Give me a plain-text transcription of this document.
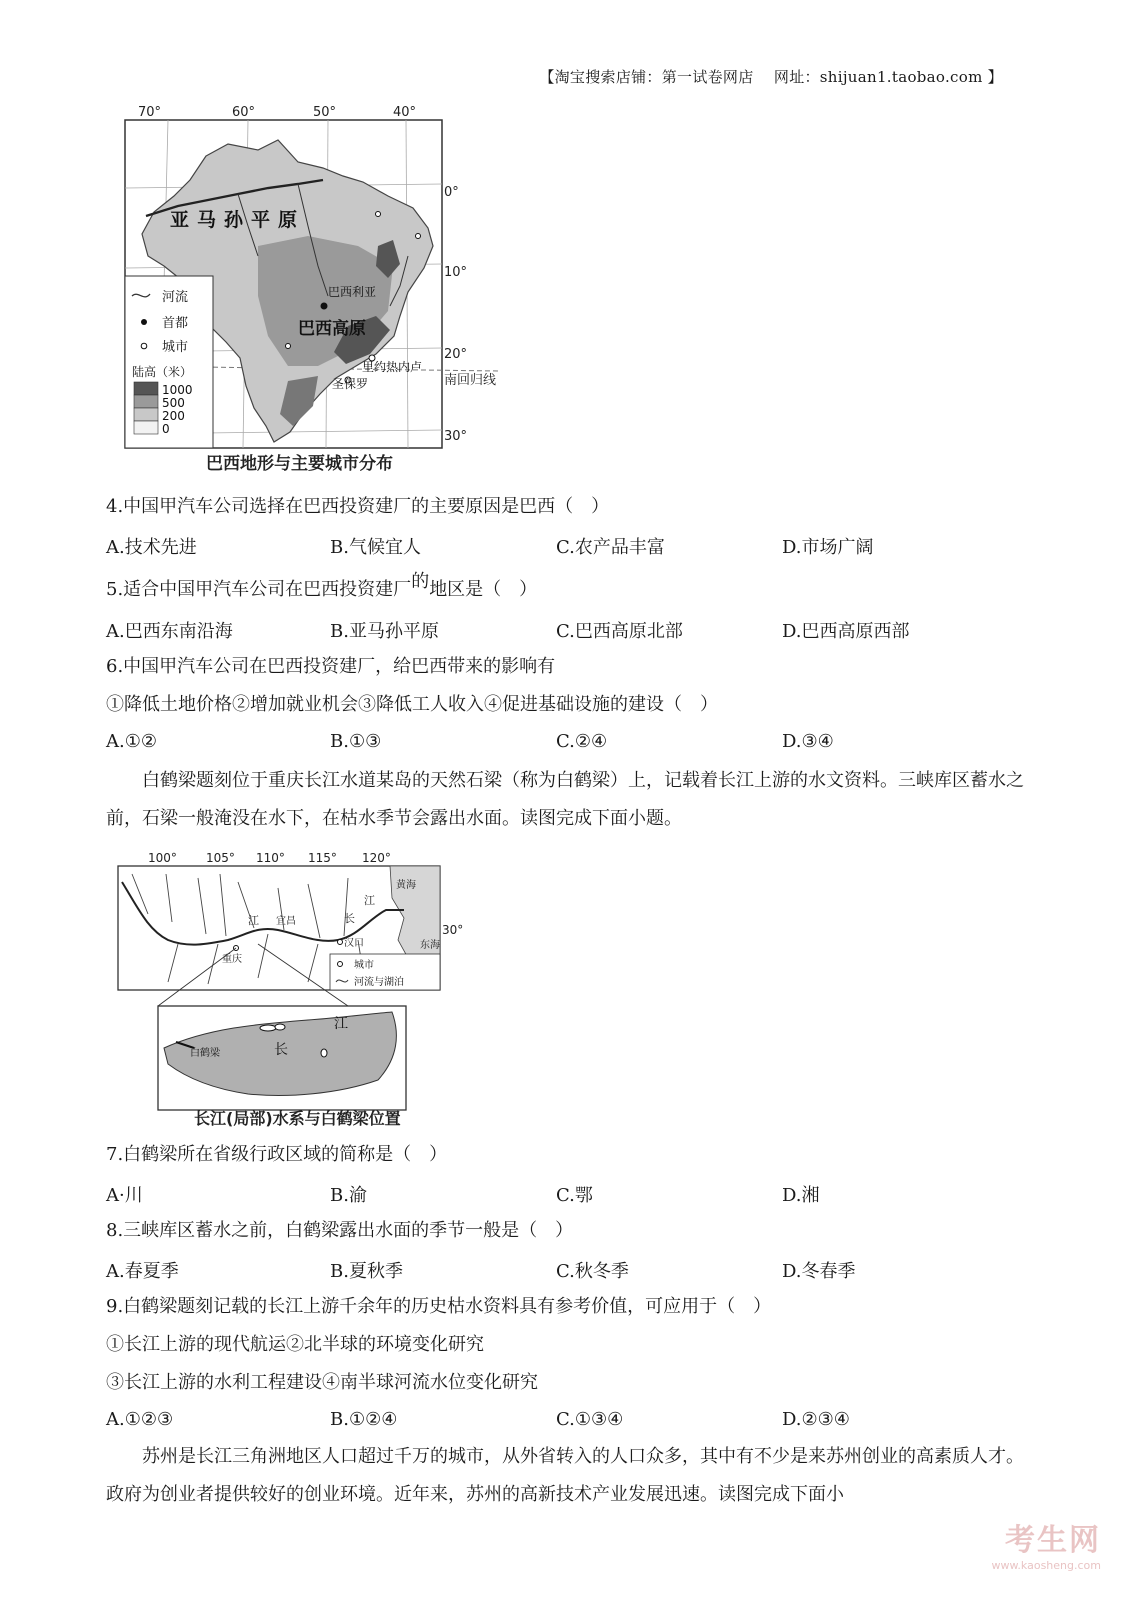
【淘宝搜索店铺：第一试卷网店　 网址：shijuan1.taobao.com 】
70°	60°	50°	40°
亚马孙平原
巴西高原
巴西利亚
里约热内卢
圣保罗
0°
10°
20°
30°
南回归线
河流
首都
城市
陆高（米）
1000
500
200
0
巴西地形与主要城市分布
4.中国甲汽车公司选择在巴西投资建厂的主要原因是巴西（　）
A.技术先进	B.气候宜人	C.农产品丰富	D.市场广阔
5.适合中国甲汽车公司在巴西投资建厂的地区是（　）
A.巴西东南沿海	B.亚马孙平原	C.巴西高原北部	D.巴西高原西部
6.中国甲汽车公司在巴西投资建厂，给巴西带来的影响有
①降低土地价格②增加就业机会③降低工人收入④促进基础设施的建设（　）
A.①②	B.①③	C.②④	D.③④
白鹤梁题刻位于重庆长江水道某岛的天然石梁（称为白鹤梁）上，记载着长江上游的水文资料。三峡库区蓄水之前，石梁一般淹没在水下，在枯水季节会露出水面。读图完成下面小题。
100° 105° 110° 115° 120°
黄海
东海
30°
江 宜昌	长
江
汉口
重庆
城市
河流与湖泊
江
长
白鹤梁
长江(局部)水系与白鹤梁位置
7.白鹤梁所在省级行政区域的简称是（　）
A·川	B.渝	C.鄂	D.湘
8.三峡库区蓄水之前，白鹤梁露出水面的季节一般是（　）
A.春夏季	B.夏秋季	C.秋冬季	D.冬春季
9.白鹤梁题刻记载的长江上游千余年的历史枯水资料具有参考价值，可应用于（　）
①长江上游的现代航运②北半球的环境变化研究
③长江上游的水利工程建设④南半球河流水位变化研究
A.①②③	B.①②④	C.①③④	D.②③④
苏州是长江三角洲地区人口超过千万的城市，从外省转入的人口众多，其中有不少是来苏州创业的高素质人才。政府为创业者提供较好的创业环境。近年来，苏州的高新技术产业发展迅速。读图完成下面小
考生网
www.kaosheng.com
